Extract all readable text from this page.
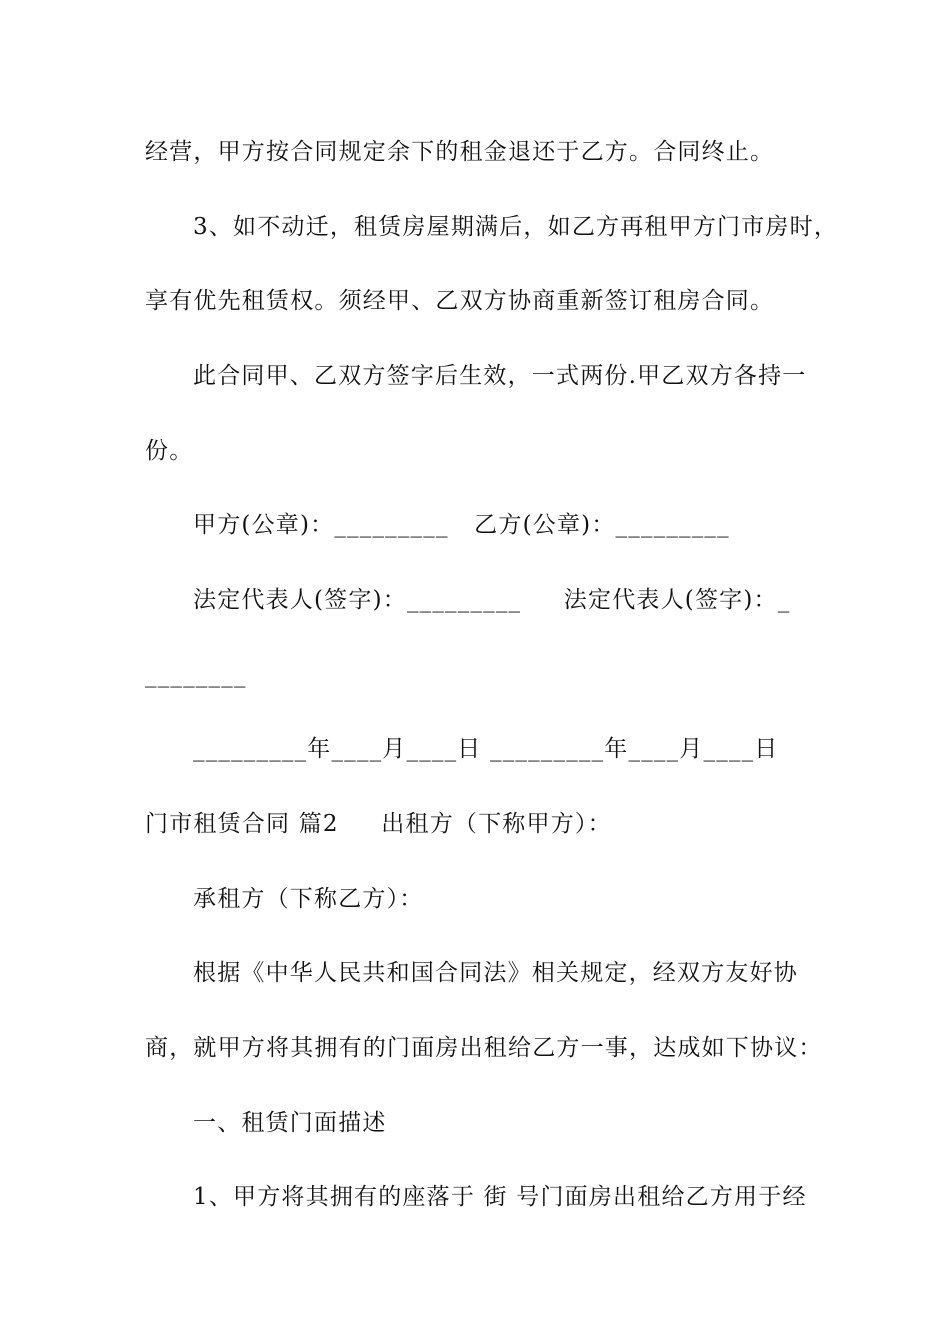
经营，甲方按合同规定余下的租金退还于乙方。合同终止。
3、如不动迁，租赁房屋期满后，如乙方再租甲方门市房时，
享有优先租赁权。须经甲、乙双方协商重新签订租房合同。
此合同甲、乙双方签字后生效，一式两份.甲乙双方各持一
份。
甲方(公章)：_________   乙方(公章)：_________
法定代表人(签字)：_________     法定代表人(签字)：_
________
_________年____月____日 _________年____月____日
门市租赁合同 篇2     出租方（下称甲方）：
承租方（下称乙方）：
根据《中华人民共和国合同法》相关规定，经双方友好协
商，就甲方将其拥有的门面房出租给乙方一事，达成如下协议：
一、租赁门面描述
1、甲方将其拥有的座落于 街 号门面房出租给乙方用于经
